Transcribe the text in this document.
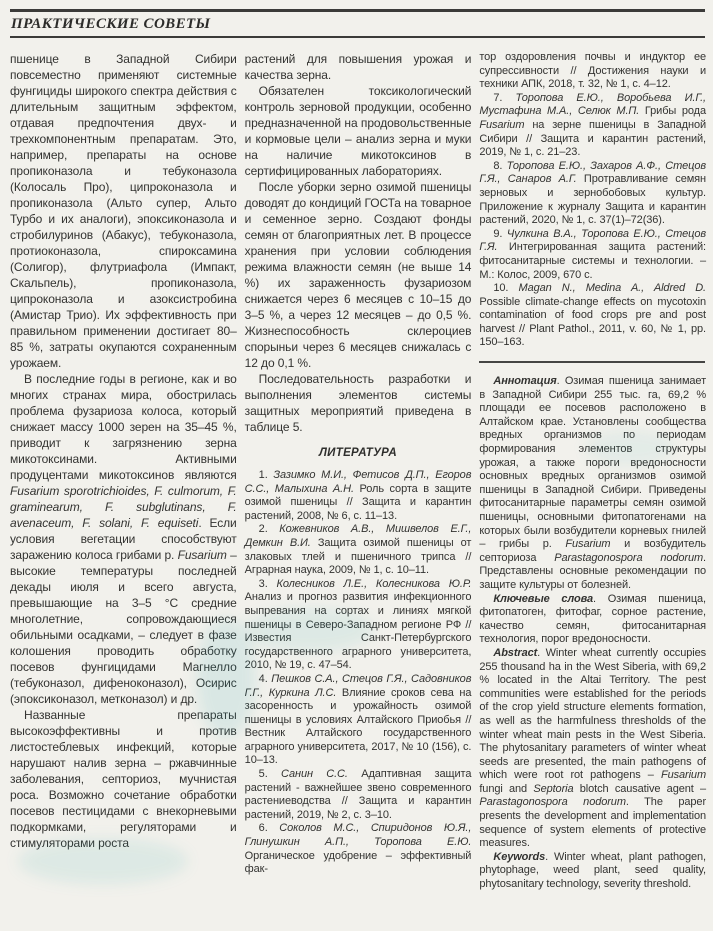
ПРАКТИЧЕСКИЕ СОВЕТЫ

пшенице в Западной Сибири повсеместно применяют системные фунгициды широкого спектра действия с длительным защитным эффектом, отдавая предпочтения двух- и трехкомпонентным препаратам. Это, например, препараты на основе пропиконазола и тебуконазола (Колосаль Про), ципроконазола и пропиконазола (Альто супер, Альто Турбо и их аналоги), эпоксиконазола и стробилуринов (Абакус), тебуконазола, протиоконазола, спироксамина (Солигор), флутриафола (Импакт, Скальпель), пропиконазола, ципроконазола и азоксистробина (Амистар Трио). Их эффективность при правильном применении достигает 80–85 %, затраты окупаются сохраненным урожаем.

В последние годы в регионе, как и во многих странах мира, обострилась проблема фузариоза колоса, который снижает массу 1000 зерен на 35–45 %, приводит к загрязнению зерна микотоксинами. Активными продуцентами микотоксинов являются Fusarium sporotrichioides, F. culmorum, F. graminearum, F. subglutinans, F. avenaceum, F. solani, F. equiseti. Если условия вегетации способствуют заражению колоса грибами р. Fusarium – высокие температуры последней декады июля и всего августа, превышающие на 3–5 °С средние многолетние, сопровождающиеся обильными осадками, – следует в фазе колошения проводить обработку посевов фунгицидами Магнелло (тебуконазол, дифеноконазол), Осирис (эпоксиконазол, метконазол) и др.

Названные препараты высокоэффективны и против листостеблевых инфекций, которые нарушают налив зерна – ржавчинные заболевания, септориоз, мучнистая роса. Возможно сочетание обработки посевов пестицидами с внекорневыми подкормками, регуляторами и стимуляторами роста

растений для повышения урожая и качества зерна.

Обязателен токсикологический контроль зерновой продукции, особенно предназначенной на продовольственные и кормовые цели – анализ зерна и муки на наличие микотоксинов в сертифицированных лабораториях.

После уборки зерно озимой пшеницы доводят до кондиций ГОСТа на товарное и семенное зерно. Создают фонды семян от благоприятных лет. В процессе хранения при условии соблюдения режима влажности семян (не выше 14 %) их зараженность фузариозом снижается через 6 месяцев с 10–15 до 3–5 %, а через 12 месяцев – до 0,5 %. Жизнеспособность склероциев спорыньи через 6 месяцев снижалась с 12 до 0,1 %.

Последовательность разработки и выполнения элементов системы защитных мероприятий приведена в таблице 5.

ЛИТЕРАТУРА

1. Зазимко М.И., Фетисов Д.П., Егоров С.С., Малыхина А.Н. Роль сорта в защите озимой пшеницы // Защита и карантин растений, 2008, № 6, с. 11–13.

2. Кожевников А.В., Мишвелов Е.Г., Демкин В.И. Защита озимой пшеницы от злаковых тлей и пшеничного трипса // Аграрная наука, 2009, № 1, с. 10–11.

3. Колесников Л.Е., Колесникова Ю.Р. Анализ и прогноз развития инфекционного выпревания на сортах и линиях мягкой пшеницы в Северо-Западном регионе РФ // Известия Санкт-Петербургского государственного аграрного университета, 2010, № 19, с. 47–54.

4. Пешков С.А., Стецов Г.Я., Садовников Г.Г., Куркина Л.С. Влияние сроков сева на засоренность и урожайность озимой пшеницы в условиях Алтайского Приобья // Вестник Алтайского государственного аграрного университета, 2017, № 10 (156), с. 10–13.

5. Санин С.С. Адаптивная защита растений - важнейшее звено современного растениеводства // Защита и карантин растений, 2019, № 2, с. 3–10.

6. Соколов М.С., Спиридонов Ю.Я., Глинушкин А.П., Торопова Е.Ю. Органическое удобрение – эффективный фак-

тор оздоровления почвы и индуктор ее супрессивности // Достижения науки и техники АПК, 2018, т. 32, № 1, с. 4–12.

7. Торопова Е.Ю., Воробьева И.Г., Мустафина М.А., Селюк М.П. Грибы рода Fusarium на зерне пшеницы в Западной Сибири // Защита и карантин растений, 2019, № 1, с. 21–23.

8. Торопова Е.Ю., Захаров А.Ф., Стецов Г.Я., Санаров А.Г. Протравливание семян зерновых и зернобобовых культур. Приложение к журналу Защита и карантин растений, 2020, № 1, с. 37(1)–72(36).

9. Чулкина В.А., Торопова Е.Ю., Стецов Г.Я. Интегрированная защита растений: фитосанитарные системы и технологии. – М.: Колос, 2009, 670 с.

10. Magan N., Medina A., Aldred D. Possible climate-change effects on mycotoxin contamination of food crops pre and post harvest // Plant Pathol., 2011, v. 60, № 1, pp. 150–163.

Аннотация. Озимая пшеница занимает в Западной Сибири 255 тыс. га, 69,2 % площади ее посевов расположено в Алтайском крае. Установлены сообщества вредных организмов по периодам формирования элементов структуры урожая, а также пороги вредоносности основных вредных организмов озимой пшеницы в Западной Сибири. Приведены фитосанитарные параметры семян озимой пшеницы, основными фитопатогенами на которых были возбудители корневых гнилей – грибы р. Fusarium и возбудитель септориоза Parastagonospora nodorum. Представлены основные рекомендации по защите культуры от болезней.

Ключевые слова. Озимая пшеница, фитопатоген, фитофаг, сорное растение, качество семян, фитосанитарная технология, порог вредоносности.

Abstract. Winter wheat currently occupies 255 thousand ha in the West Siberia, with 69,2 % located in the Altai Territory. The pest communities were established for the periods of the crop yield structure elements formation, as well as the harmfulness thresholds of the winter wheat main pests in the West Siberia. The phytosanitary parameters of winter wheat seeds are presented, the main pathogens of which were root rot pathogens – Fusarium fungi and Septoria blotch causative agent – Parastagonospora nodorum. The paper presents the development and implementation sequence of system elements of protective measures.

Keywords. Winter wheat, plant pathogen, phytophage, weed plant, seed quality, phytosanitary technology, severity threshold.
